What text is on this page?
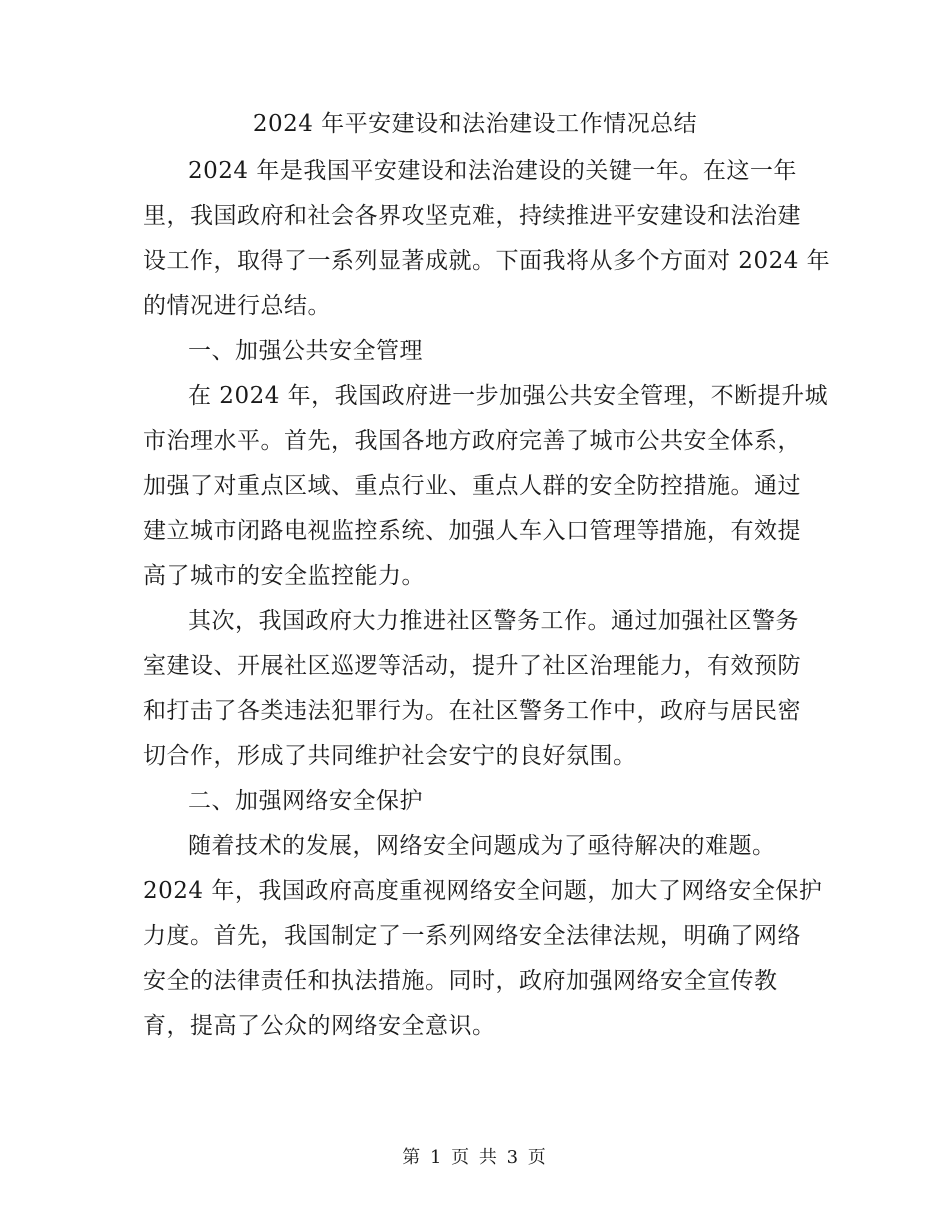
2024 年平安建设和法治建设工作情况总结
2024 年是我国平安建设和法治建设的关键一年。在这一年
里，我国政府和社会各界攻坚克难，持续推进平安建设和法治建
设工作，取得了一系列显著成就。下面我将从多个方面对 2024 年
的情况进行总结。
一、加强公共安全管理
在 2024 年，我国政府进一步加强公共安全管理，不断提升城
市治理水平。首先，我国各地方政府完善了城市公共安全体系，
加强了对重点区域、重点行业、重点人群的安全防控措施。通过
建立城市闭路电视监控系统、加强人车入口管理等措施，有效提
高了城市的安全监控能力。
其次，我国政府大力推进社区警务工作。通过加强社区警务
室建设、开展社区巡逻等活动，提升了社区治理能力，有效预防
和打击了各类违法犯罪行为。在社区警务工作中，政府与居民密
切合作，形成了共同维护社会安宁的良好氛围。
二、加强网络安全保护
随着技术的发展，网络安全问题成为了亟待解决的难题。
2024 年，我国政府高度重视网络安全问题，加大了网络安全保护
力度。首先，我国制定了一系列网络安全法律法规，明确了网络
安全的法律责任和执法措施。同时，政府加强网络安全宣传教
育，提高了公众的网络安全意识。
第 1 页 共 3 页
